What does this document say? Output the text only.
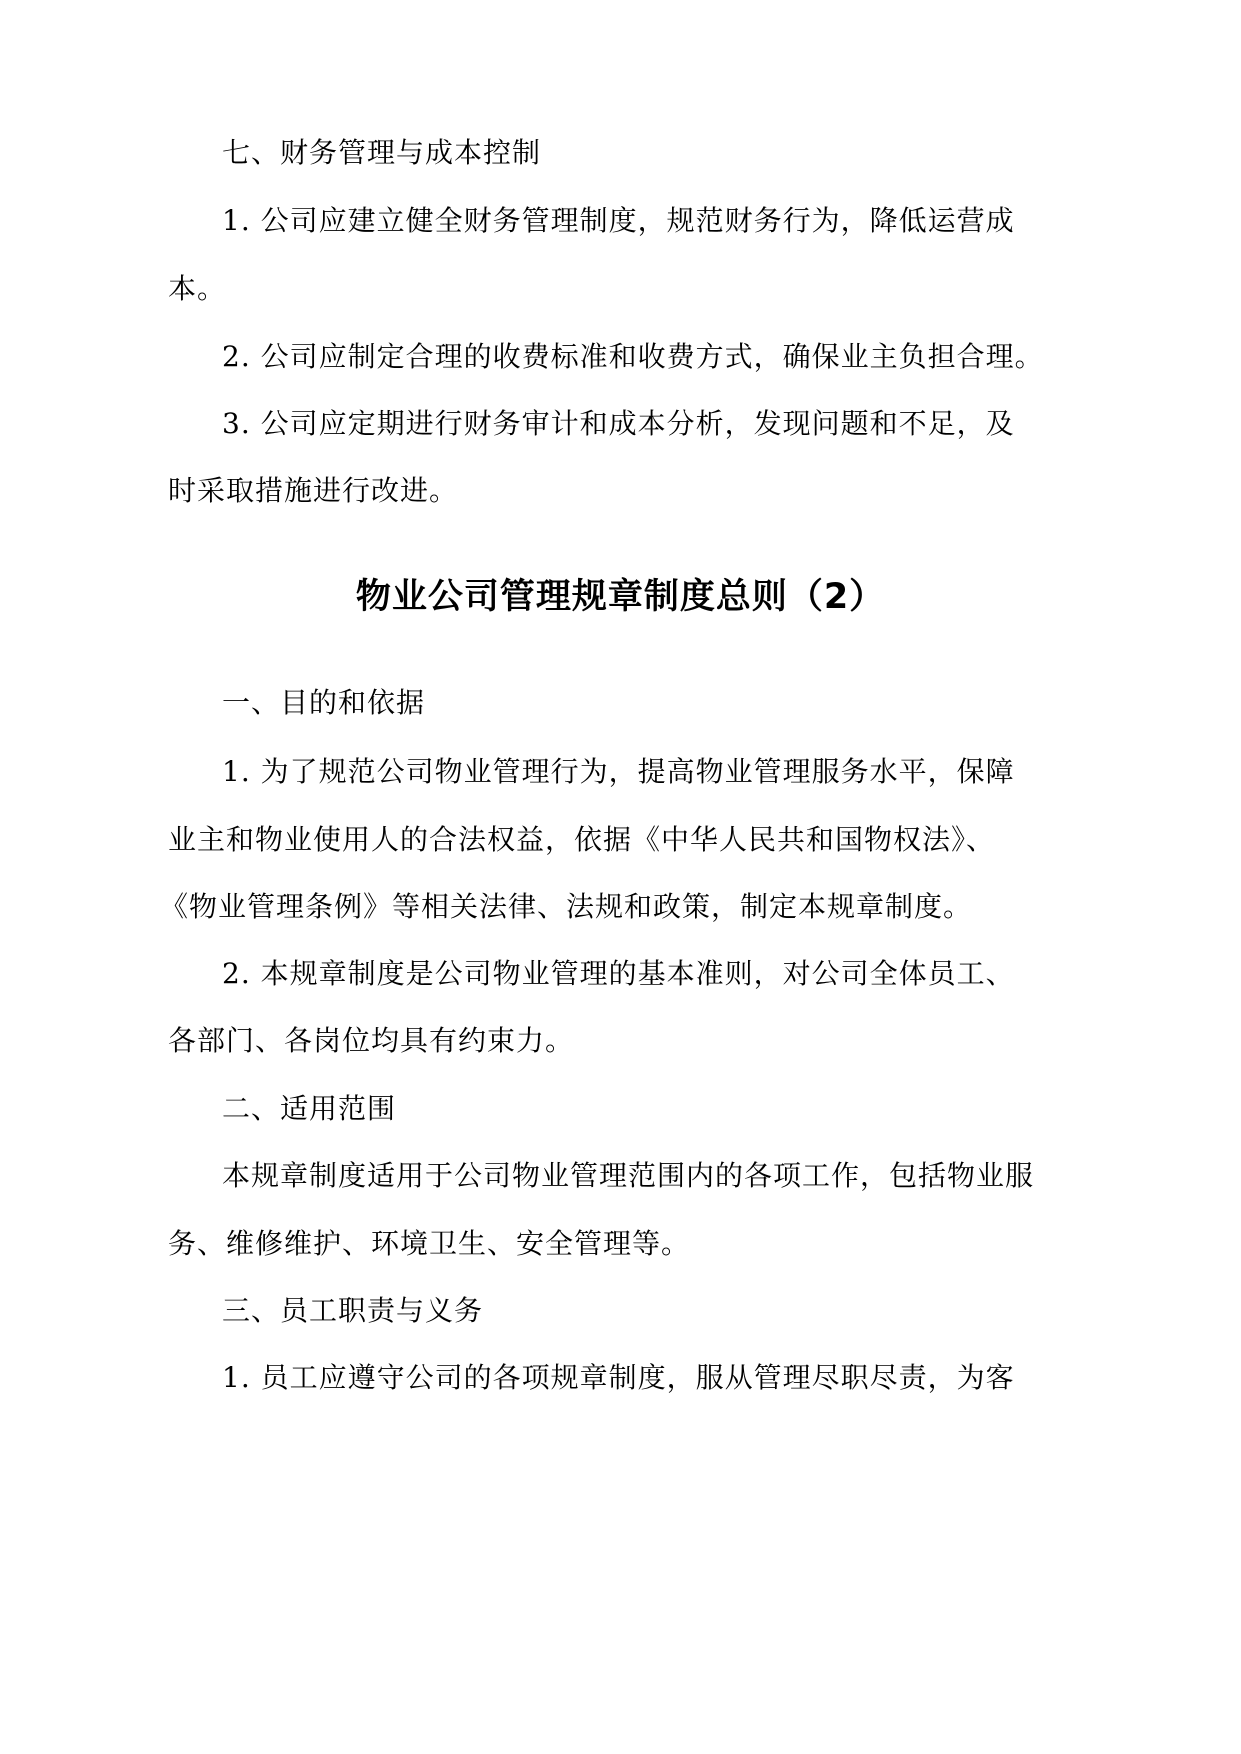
七、财务管理与成本控制
1. 公司应建立健全财务管理制度，规范财务行为，降低运营成
本。
2. 公司应制定合理的收费标准和收费方式，确保业主负担合理。
3. 公司应定期进行财务审计和成本分析，发现问题和不足，及
时采取措施进行改进。
物业公司管理规章制度总则（2）
一、目的和依据
1. 为了规范公司物业管理行为，提高物业管理服务水平，保障
业主和物业使用人的合法权益，依据《中华人民共和国物权法》、
《物业管理条例》等相关法律、法规和政策，制定本规章制度。
2. 本规章制度是公司物业管理的基本准则，对公司全体员工、
各部门、各岗位均具有约束力。
二、适用范围
本规章制度适用于公司物业管理范围内的各项工作，包括物业服
务、维修维护、环境卫生、安全管理等。
三、员工职责与义务
1. 员工应遵守公司的各项规章制度，服从管理尽职尽责，为客
